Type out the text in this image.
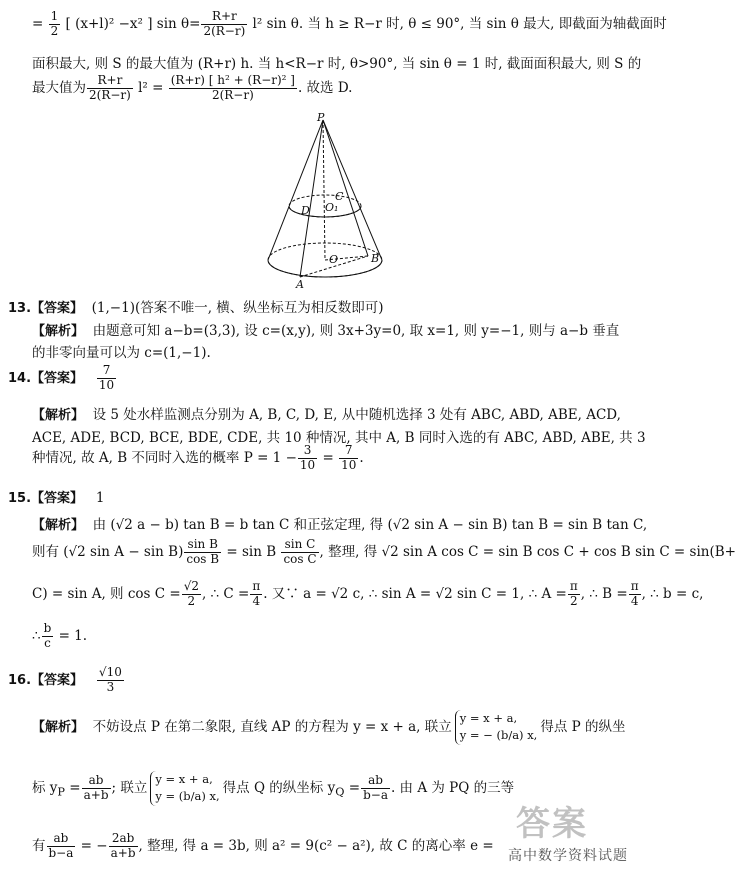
= $\frac{1}{2}$ [ (x+l)² −x² ] $\sin \theta= \frac{R+r}{2(R-r)} l^2$ sin θ. 当 h ≥ R−r 时, θ ≤ 90°, 当 sin θ 最大, 即截面为轴截面时
面积最大, 则 S 的最大值为 (R+r) h. 当 h<R−r 时, θ>90°, 当 sin θ = 1 时, 截面面积最大, 则 S 的
最大值为 $\frac{R+r}{2(R-r)} l^2 = \frac{\text{(R+r) [ h² + (R−r)² ]}}{2(R-r)}$ . 故选 D.
P
C
D O₁
O	B
A
13.【答案】 (1,−1)(答案不唯一, 横、纵坐标互为相反数即可)
【解析】 由题意可知 a−b=(3,3), 设 c=(x,y), 则 3x+3y=0, 取 x=1, 则 y=−1, 则与 a−b 垂直
的非零向量可以为 c=(1,−1).
14.【答案】 $\frac{7}{10}$
【解析】 设 5 处水样监测点分别为 A, B, C, D, E, 从中随机选择 3 处有 ABC, ABD, ABE, ACD,
ACE, ADE, BCD, BCE, BDE, CDE, 共 10 种情况, 其中 A, B 同时入选的有 ABC, ABD, ABE, 共 3
种情况, 故 A, B 不同时入选的概率 $P = 1 - \frac{3}{10} = \frac{7}{10}$ .
15.【答案】 1
【解析】 由 (√2 a − b) tan B = b tan C 和正弦定理, 得 (√2 sin A − sin B) tan B = sin B tan C,
则有 (√2 $\sin A - \sin B) \frac{\text{sin B}}{\text{cos B}} = \sin B \frac{\text{sin C}}{\text{cos C}}$ , 整理, 得 √2 sin A cos C = sin B cos C + cos B sin C = sin(B+
C) = sin A, 则 $\cos C = \frac{√2}{2}$ , ∴ $C = \frac{\pi}{4}$ . 又∵ a = √2 c, ∴ sin A = √2 sin C = 1, ∴ $A = \frac{\pi}{2}$ , ∴ $B = \frac{\pi}{4}$ , ∴ b = c,
∴ $\frac{b}{c} = 1$.
16.【答案】 $\frac{√10}{3}$
【解析】 不妨设点 P 在第二象限, 直线 AP 的方程为 y = x + a, 联立y = x + a,
y = − (b/a) x,得点 P 的纵坐
标 $y_P = \frac{ab}{a+b}$ ; 联立y = x + a,
y = (b/a) x,得点 Q 的纵坐标 $y_Q = \frac{ab}{b-a}$ . 由 A 为 PQ 的三等
有 $\frac{ab}{b-a}$ = − $\frac{2ab}{a+b}$ , 整理, 得 a = 3b, 则 a² = 9(c² − a²), 故 C 的离心率 e =
答案
高中数学资料试题
